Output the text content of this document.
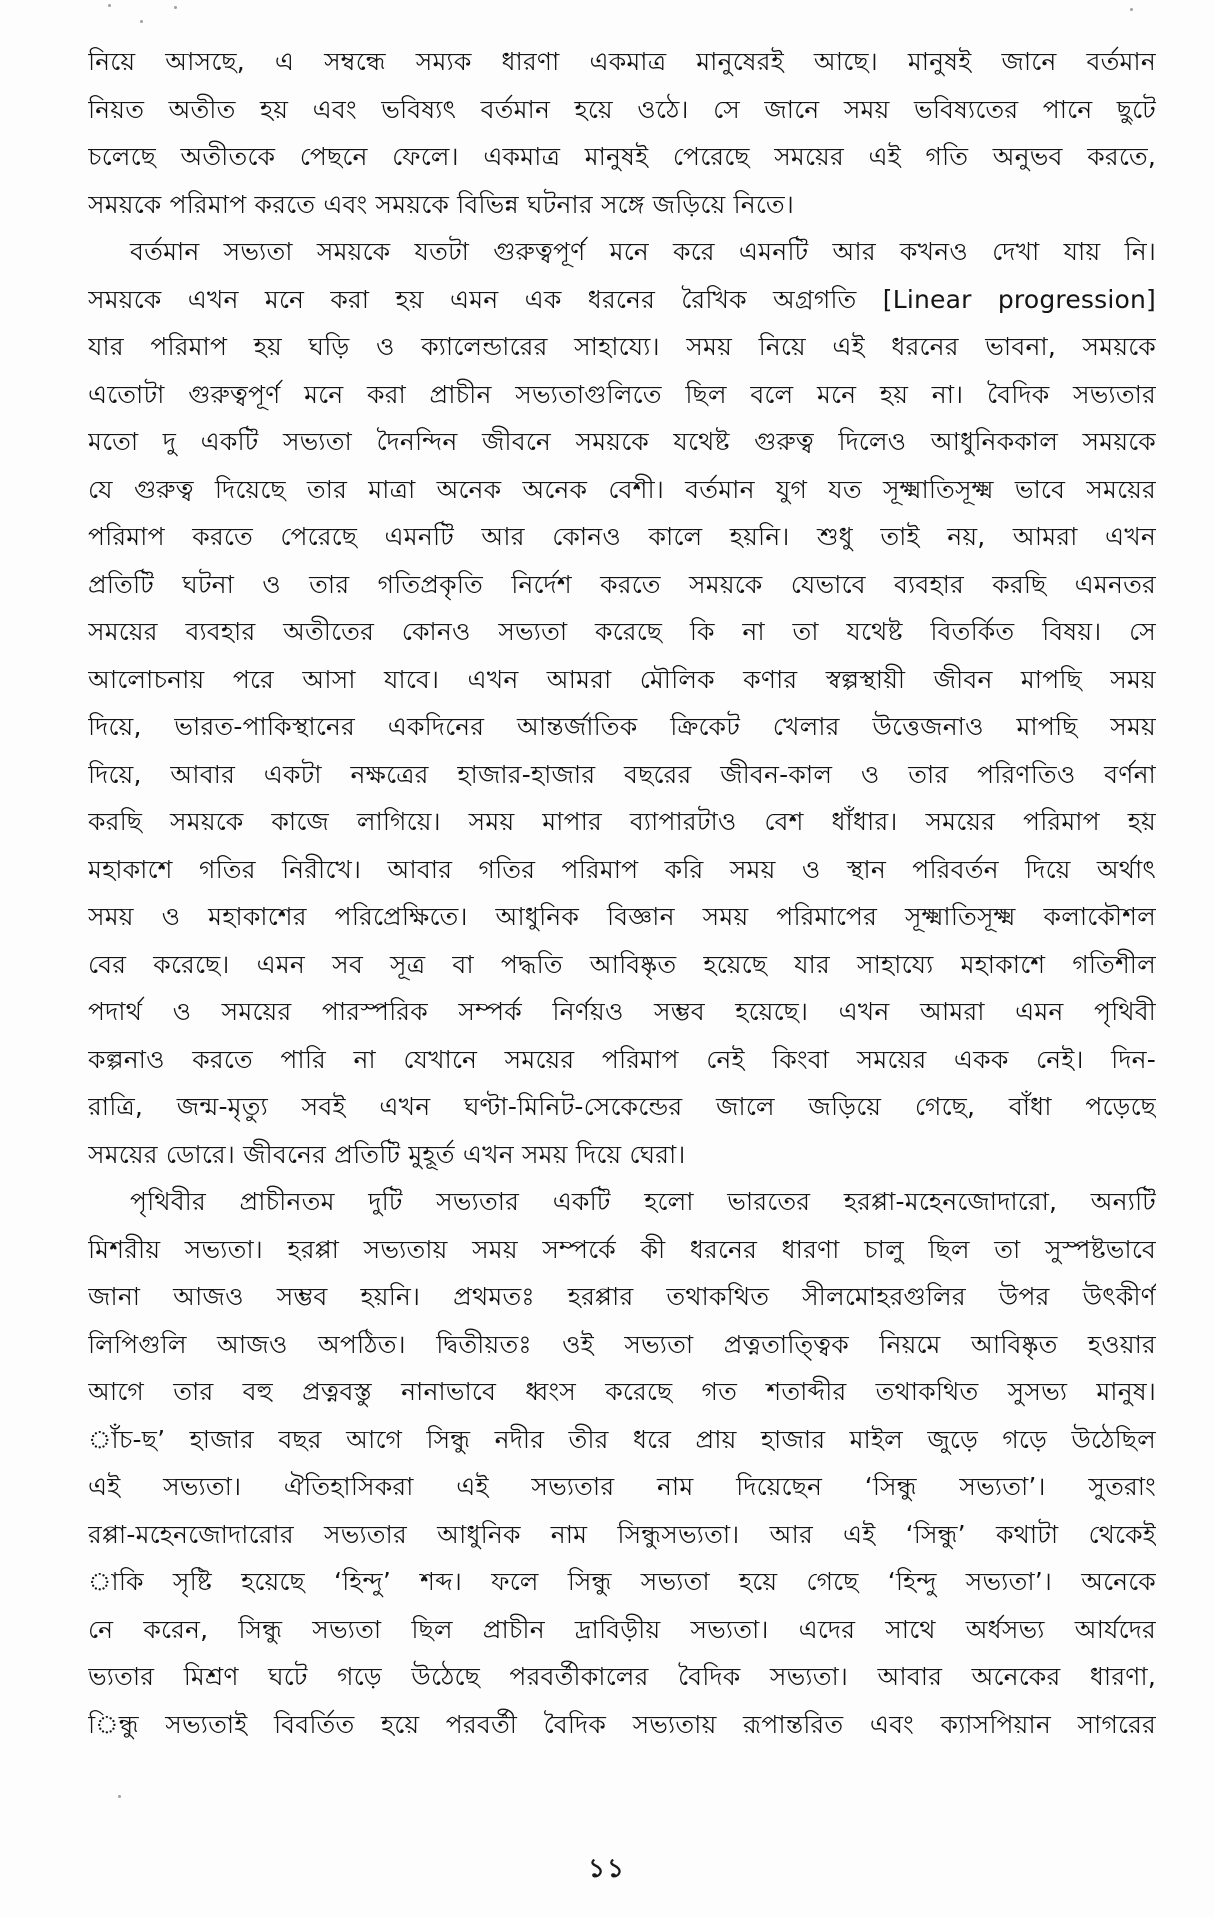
নিয়ে আসছে, এ সম্বন্ধে সম্যক ধারণা একমাত্র মানুষেরই আছে। মানুষই জানে বর্তমান
নিয়ত অতীত হয় এবং ভবিষ্যৎ বর্তমান হয়ে ওঠে। সে জানে সময় ভবিষ্যতের পানে ছুটে
চলেছে অতীতকে পেছনে ফেলে। একমাত্র মানুষই পেরেছে সময়ের এই গতি অনুভব করতে,
সময়কে পরিমাপ করতে এবং সময়কে বিভিন্ন ঘটনার সঙ্গে জড়িয়ে নিতে।
বর্তমান সভ্যতা সময়কে যতটা গুরুত্বপূর্ণ মনে করে এমনটি আর কখনও দেখা যায় নি।
সময়কে এখন মনে করা হয় এমন এক ধরনের রৈখিক অগ্রগতি [Linear progression]
যার পরিমাপ হয় ঘড়ি ও ক্যালেন্ডারের সাহায্যে। সময় নিয়ে এই ধরনের ভাবনা, সময়কে
এতোটা গুরুত্বপূর্ণ মনে করা প্রাচীন সভ্যতাগুলিতে ছিল বলে মনে হয় না। বৈদিক সভ্যতার
মতো দু একটি সভ্যতা দৈনন্দিন জীবনে সময়কে যথেষ্ট গুরুত্ব দিলেও আধুনিককাল সময়কে
যে গুরুত্ব দিয়েছে তার মাত্রা অনেক অনেক বেশী। বর্তমান যুগ যত সূক্ষ্মাতিসূক্ষ্ম ভাবে সময়ের
পরিমাপ করতে পেরেছে এমনটি আর কোনও কালে হয়নি। শুধু তাই নয়, আমরা এখন
প্রতিটি ঘটনা ও তার গতিপ্রকৃতি নির্দেশ করতে সময়কে যেভাবে ব্যবহার করছি এমনতর
সময়ের ব্যবহার অতীতের কোনও সভ্যতা করেছে কি না তা যথেষ্ট বিতর্কিত বিষয়। সে
আলোচনায় পরে আসা যাবে। এখন আমরা মৌলিক কণার স্বল্পস্থায়ী জীবন মাপছি সময়
দিয়ে, ভারত-পাকিস্থানের একদিনের আন্তর্জাতিক ক্রিকেট খেলার উত্তেজনাও মাপছি সময়
দিয়ে, আবার একটা নক্ষত্রের হাজার-হাজার বছরের জীবন-কাল ও তার পরিণতিও বর্ণনা
করছি সময়কে কাজে লাগিয়ে। সময় মাপার ব্যাপারটাও বেশ ধাঁধার। সময়ের পরিমাপ হয়
মহাকাশে গতির নিরীখে। আবার গতির পরিমাপ করি সময় ও স্থান পরিবর্তন দিয়ে অর্থাৎ
সময় ও মহাকাশের পরিপ্রেক্ষিতে। আধুনিক বিজ্ঞান সময় পরিমাপের সূক্ষ্মাতিসূক্ষ্ম কলাকৌশল
বের করেছে। এমন সব সূত্র বা পদ্ধতি আবিষ্কৃত হয়েছে যার সাহায্যে মহাকাশে গতিশীল
পদার্থ ও সময়ের পারস্পরিক সম্পর্ক নির্ণয়ও সম্ভব হয়েছে। এখন আমরা এমন পৃথিবী
কল্পনাও করতে পারি না যেখানে সময়ের পরিমাপ নেই কিংবা সময়ের একক নেই। দিন-
রাত্রি, জন্ম-মৃত্যু সবই এখন ঘণ্টা-মিনিট-সেকেন্ডের জালে জড়িয়ে গেছে, বাঁধা পড়েছে
সময়ের ডোরে। জীবনের প্রতিটি মুহূর্ত এখন সময় দিয়ে ঘেরা।
পৃথিবীর প্রাচীনতম দুটি সভ্যতার একটি হলো ভারতের হরপ্পা-মহেনজোদারো, অন্যটি
মিশরীয় সভ্যতা। হরপ্পা সভ্যতায় সময় সম্পর্কে কী ধরনের ধারণা চালু ছিল তা সুস্পষ্টভাবে
জানা আজও সম্ভব হয়নি। প্রথমতঃ হরপ্পার তথাকথিত সীলমোহরগুলির উপর উৎকীর্ণ
লিপিগুলি আজও অপঠিত। দ্বিতীয়তঃ ওই সভ্যতা প্রত্নতাত্ত্বিক নিয়মে আবিষ্কৃত হওয়ার
আগে তার বহু প্রত্নবস্তু নানাভাবে ধ্বংস করেছে গত শতাব্দীর তথাকথিত সুসভ্য মানুষ।
াঁচ-ছ’ হাজার বছর আগে সিন্ধু নদীর তীর ধরে প্রায় হাজার মাইল জুড়ে গড়ে উঠেছিল
এই সভ্যতা। ঐতিহাসিকরা এই সভ্যতার নাম দিয়েছেন ‘সিন্ধু সভ্যতা’। সুতরাং
রপ্পা-মহেনজোদারোর সভ্যতার আধুনিক নাম সিন্ধুসভ্যতা। আর এই ‘সিন্ধু’ কথাটা থেকেই
াকি সৃষ্টি হয়েছে ‘হিন্দু’ শব্দ। ফলে সিন্ধু সভ্যতা হয়ে গেছে ‘হিন্দু সভ্যতা’। অনেকে
নে করেন, সিন্ধু সভ্যতা ছিল প্রাচীন দ্রাবিড়ীয় সভ্যতা। এদের সাথে অর্ধসভ্য আর্যদের
ভ্যতার মিশ্রণ ঘটে গড়ে উঠেছে পরবর্তীকালের বৈদিক সভ্যতা। আবার অনেকের ধারণা,
িন্ধু সভ্যতাই বিবর্তিত হয়ে পরবর্তী বৈদিক সভ্যতায় রূপান্তরিত এবং ক্যাসপিয়ান সাগরের
১১
